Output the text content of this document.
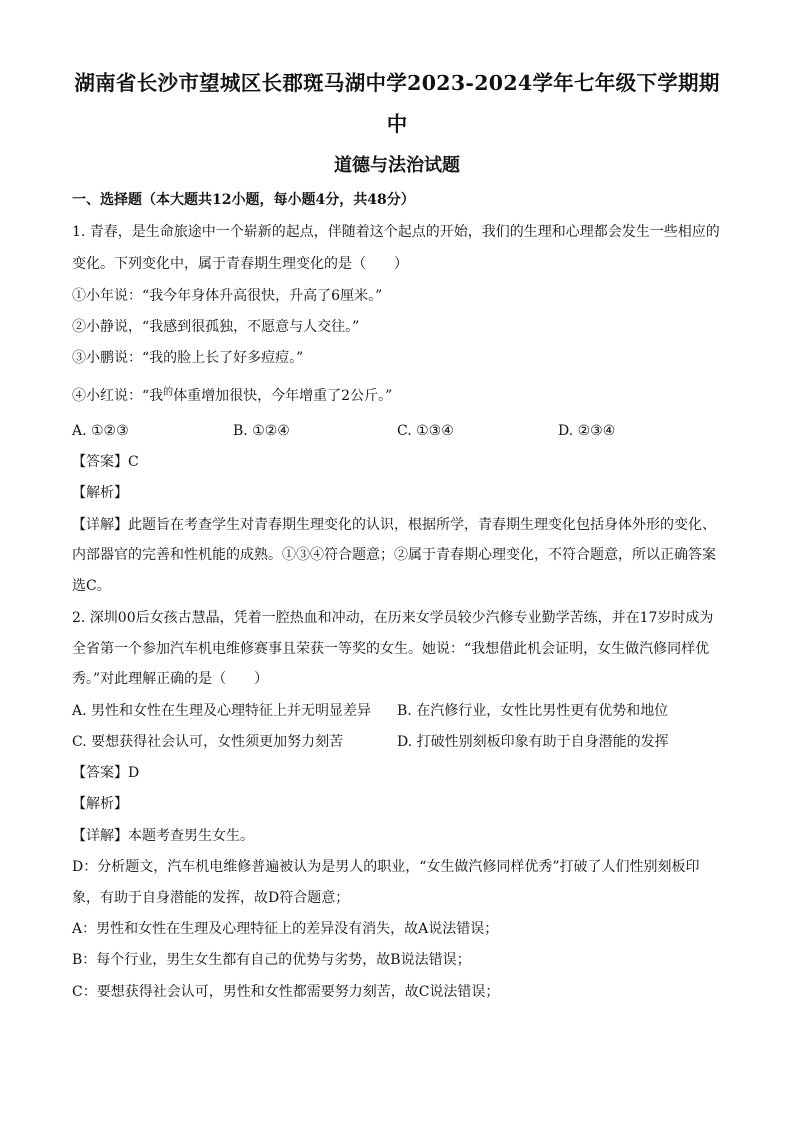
湖南省长沙市望城区长郡斑马湖中学2023-2024学年七年级下学期期
中
道德与法治试题
一、选择题（本大题共12小题，每小题4分，共48分）
1. 青春，是生命旅途中一个崭新的起点，伴随着这个起点的开始，我们的生理和心理都会发生一些相应的
变化。下列变化中，属于青春期生理变化的是（　　）
①小年说：“我今年身体升高很快，升高了6厘米。”
②小静说，“我感到很孤独，不愿意与人交往。”
③小鹏说：“我的脸上长了好多痘痘。”
④小红说：“我$^的$体重增加很快，今年增重了2公斤。”
A. ①②③	B. ①②④	C. ①③④	D. ②③④
【答案】C
【解析】
【详解】此题旨在考查学生对青春期生理变化的认识，根据所学，青春期生理变化包括身体外形的变化、
内部器官的完善和性机能的成熟。①③④符合题意；②属于青春期心理变化，不符合题意，所以正确答案
选C。
2. 深圳00后女孩古慧晶，凭着一腔热血和冲动，在历来女学员较少汽修专业勤学苦练，并在17岁时成为
全省第一个参加汽车机电维修赛事且荣获一等奖的女生。她说：“我想借此机会证明，女生做汽修同样优
秀。”对此理解正确的是（　　）
A. 男性和女性在生理及心理特征上并无明显差异 B. 在汽修行业，女性比男性更有优势和地位
C. 要想获得社会认可，女性须更加努力刻苦	D. 打破性别刻板印象有助于自身潜能的发挥
【答案】D
【解析】
【详解】本题考查男生女生。
D：分析题文，汽车机电维修普遍被认为是男人的职业，“女生做汽修同样优秀”打破了人们性别刻板印
象，有助于自身潜能的发挥，故D符合题意；
A：男性和女性在生理及心理特征上的差异没有消失，故A说法错误；
B：每个行业，男生女生都有自己的优势与劣势，故B说法错误；
C：要想获得社会认可，男性和女性都需要努力刻苦，故C说法错误；
